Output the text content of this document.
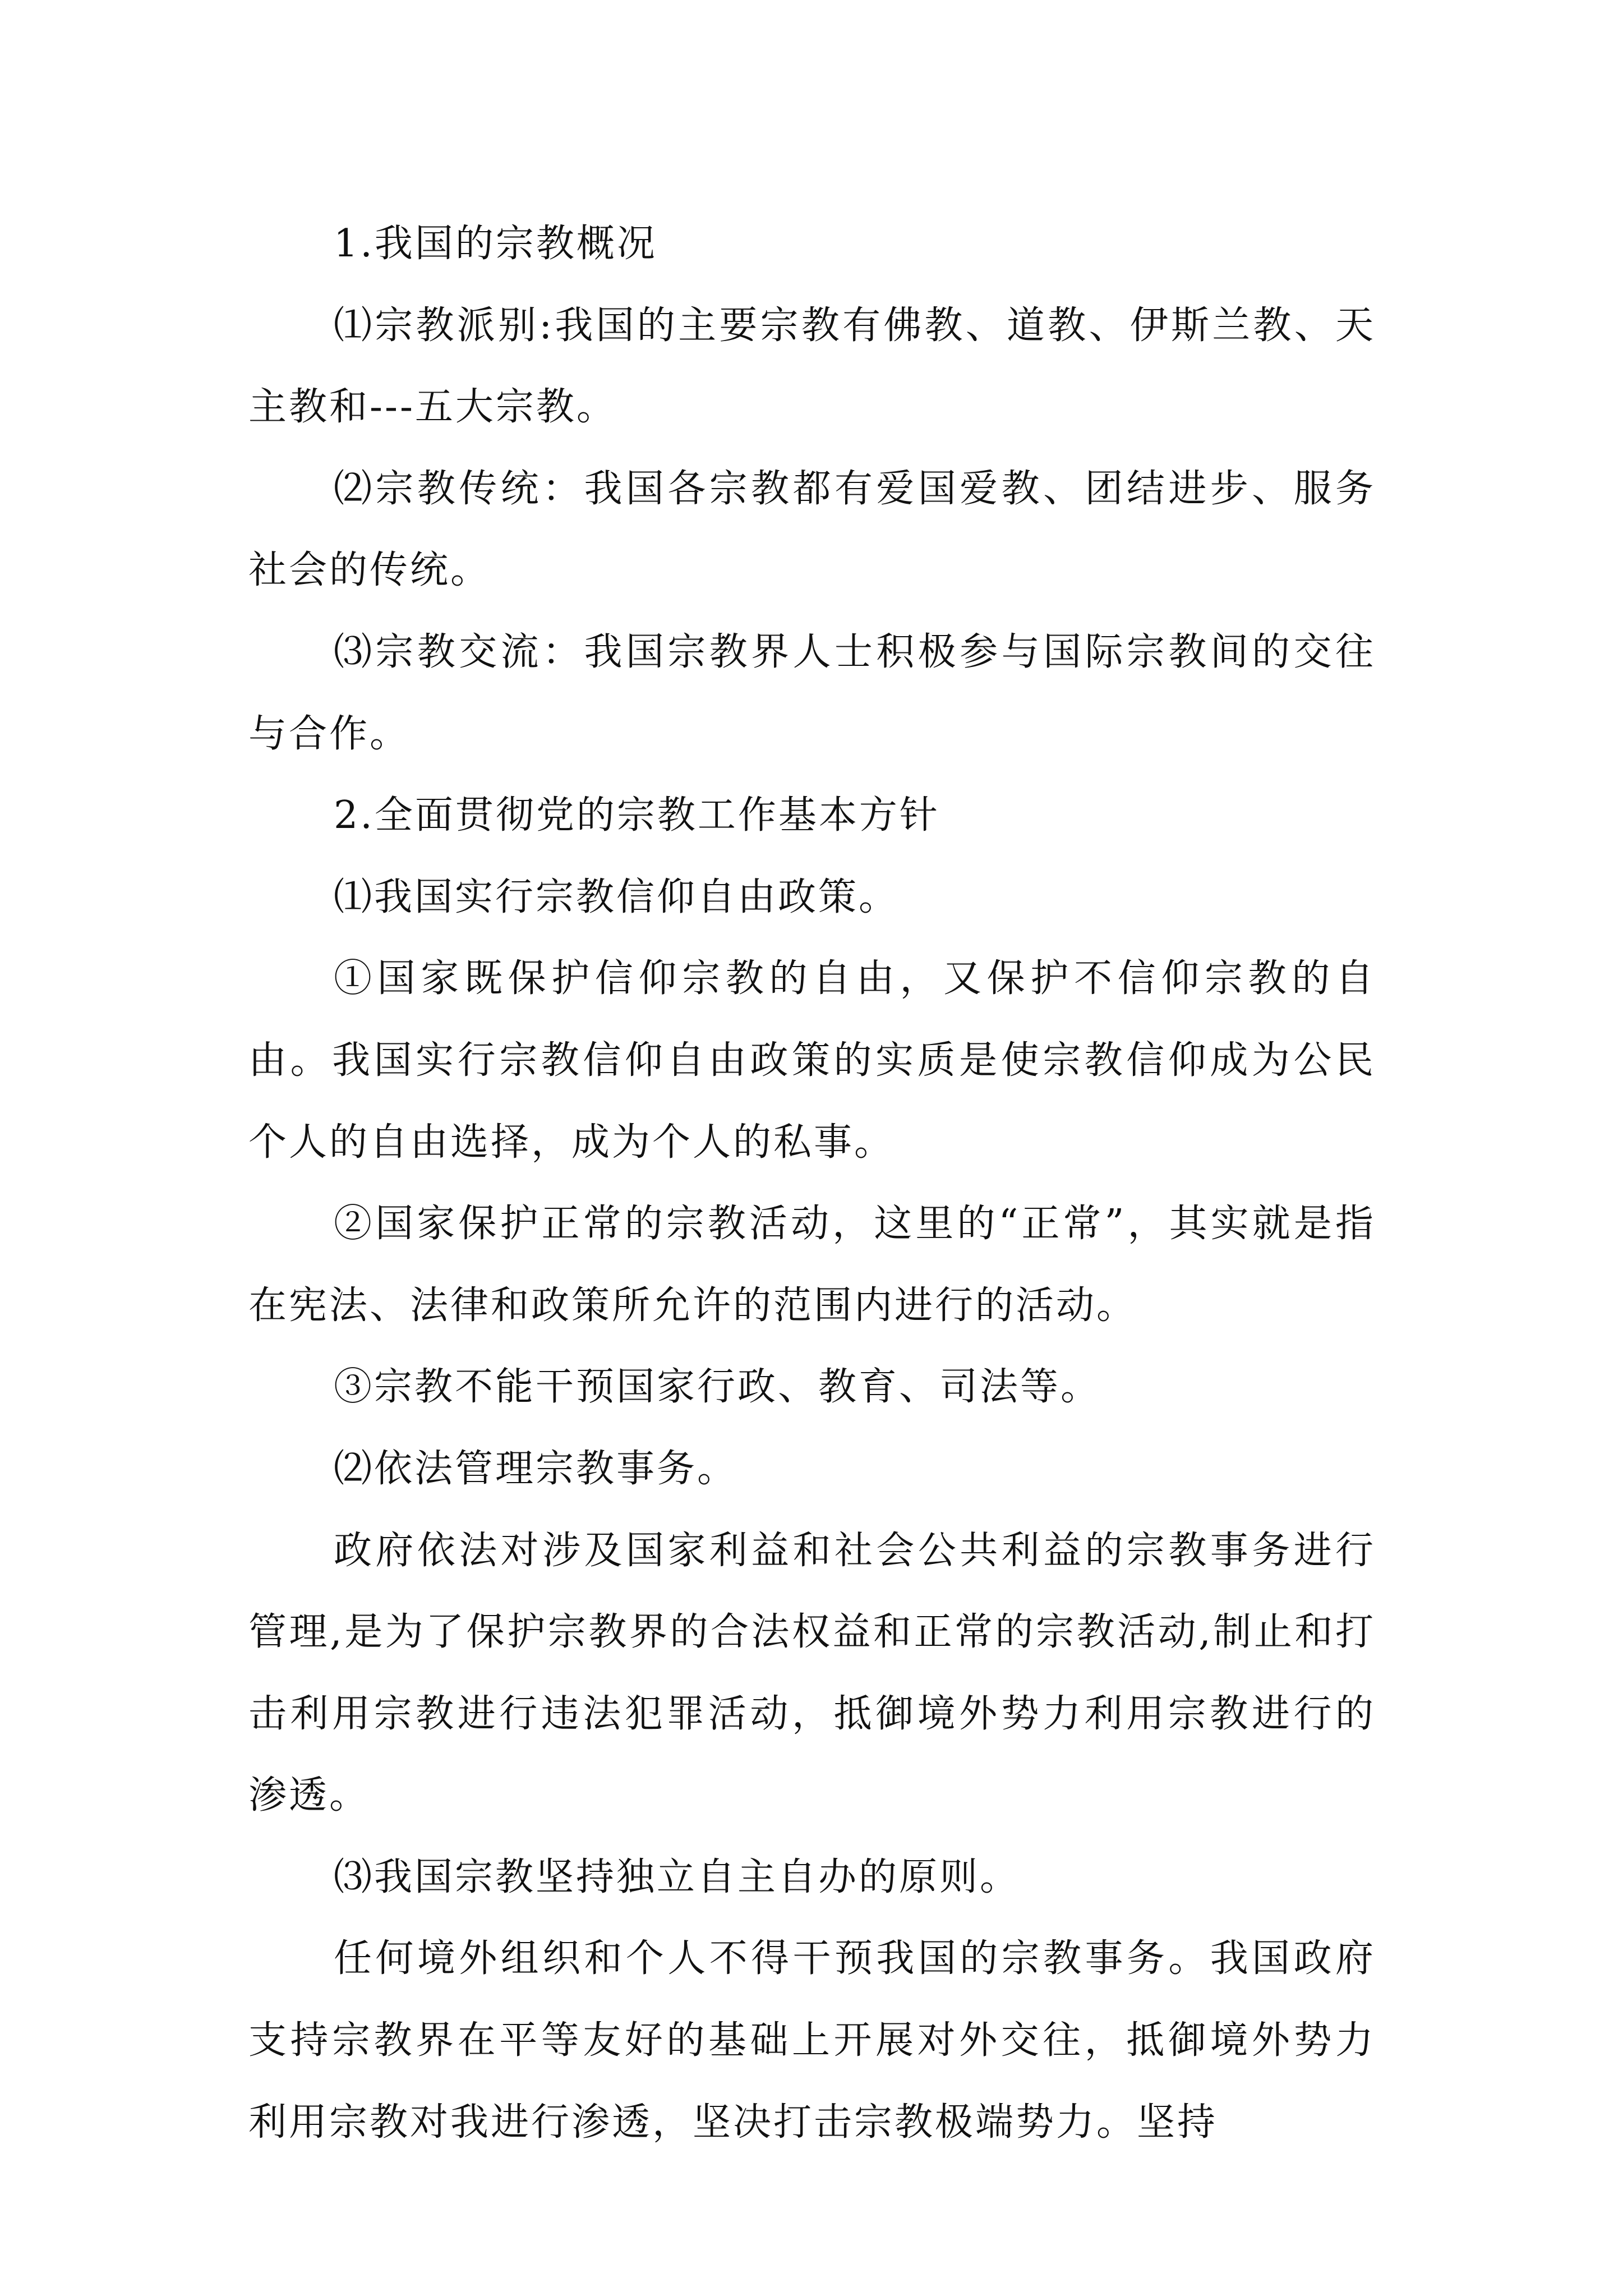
1.我国的宗教概况

⑴宗教派别:我国的主要宗教有佛教、道教、伊斯兰教、天主教和---五大宗教。

⑵宗教传统：我国各宗教都有爱国爱教、团结进步、服务社会的传统。

⑶宗教交流：我国宗教界人士积极参与国际宗教间的交往与合作。

2.全面贯彻党的宗教工作基本方针

⑴我国实行宗教信仰自由政策。

①国家既保护信仰宗教的自由，又保护不信仰宗教的自由。我国实行宗教信仰自由政策的实质是使宗教信仰成为公民个人的自由选择，成为个人的私事。

②国家保护正常的宗教活动，这里的“正常”，其实就是指在宪法、法律和政策所允许的范围内进行的活动。

③宗教不能干预国家行政、教育、司法等。

⑵依法管理宗教事务。

政府依法对涉及国家利益和社会公共利益的宗教事务进行管理,是为了保护宗教界的合法权益和正常的宗教活动,制止和打击利用宗教进行违法犯罪活动，抵御境外势力利用宗教进行的渗透。

⑶我国宗教坚持独立自主自办的原则。

任何境外组织和个人不得干预我国的宗教事务。我国政府支持宗教界在平等友好的基础上开展对外交往，抵御境外势力利用宗教对我进行渗透，坚决打击宗教极端势力。坚持
